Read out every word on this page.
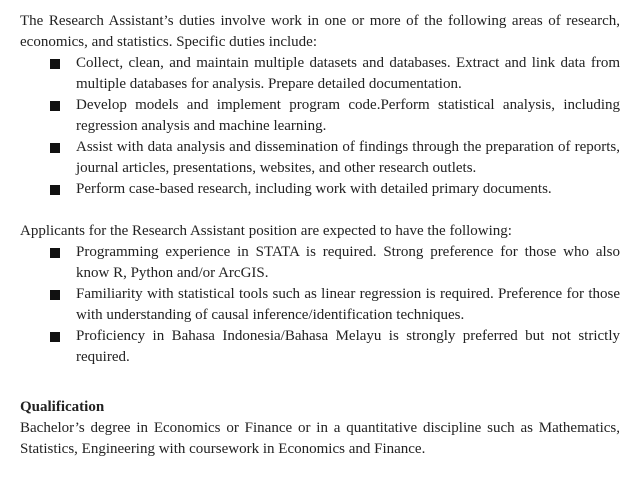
The Research Assistant’s duties involve work in one or more of the following areas of research, economics, and statistics. Specific duties include:

Collect, clean, and maintain multiple datasets and databases. Extract and link data from multiple databases for analysis. Prepare detailed documentation.
Develop models and implement program code.Perform statistical analysis, including regression analysis and machine learning.
Assist with data analysis and dissemination of findings through the preparation of reports, journal articles, presentations, websites, and other research outlets.
Perform case-based research, including work with detailed primary documents.

Applicants for the Research Assistant position are expected to have the following:

Programming experience in STATA is required. Strong preference for those who also know R, Python and/or ArcGIS.
Familiarity with statistical tools such as linear regression is required. Preference for those with understanding of causal inference/identification techniques.
Proficiency in Bahasa Indonesia/Bahasa Melayu is strongly preferred but not strictly required.

Qualification

Bachelor’s degree in Economics or Finance or in a quantitative discipline such as Mathematics, Statistics, Engineering with coursework in Economics and Finance.
